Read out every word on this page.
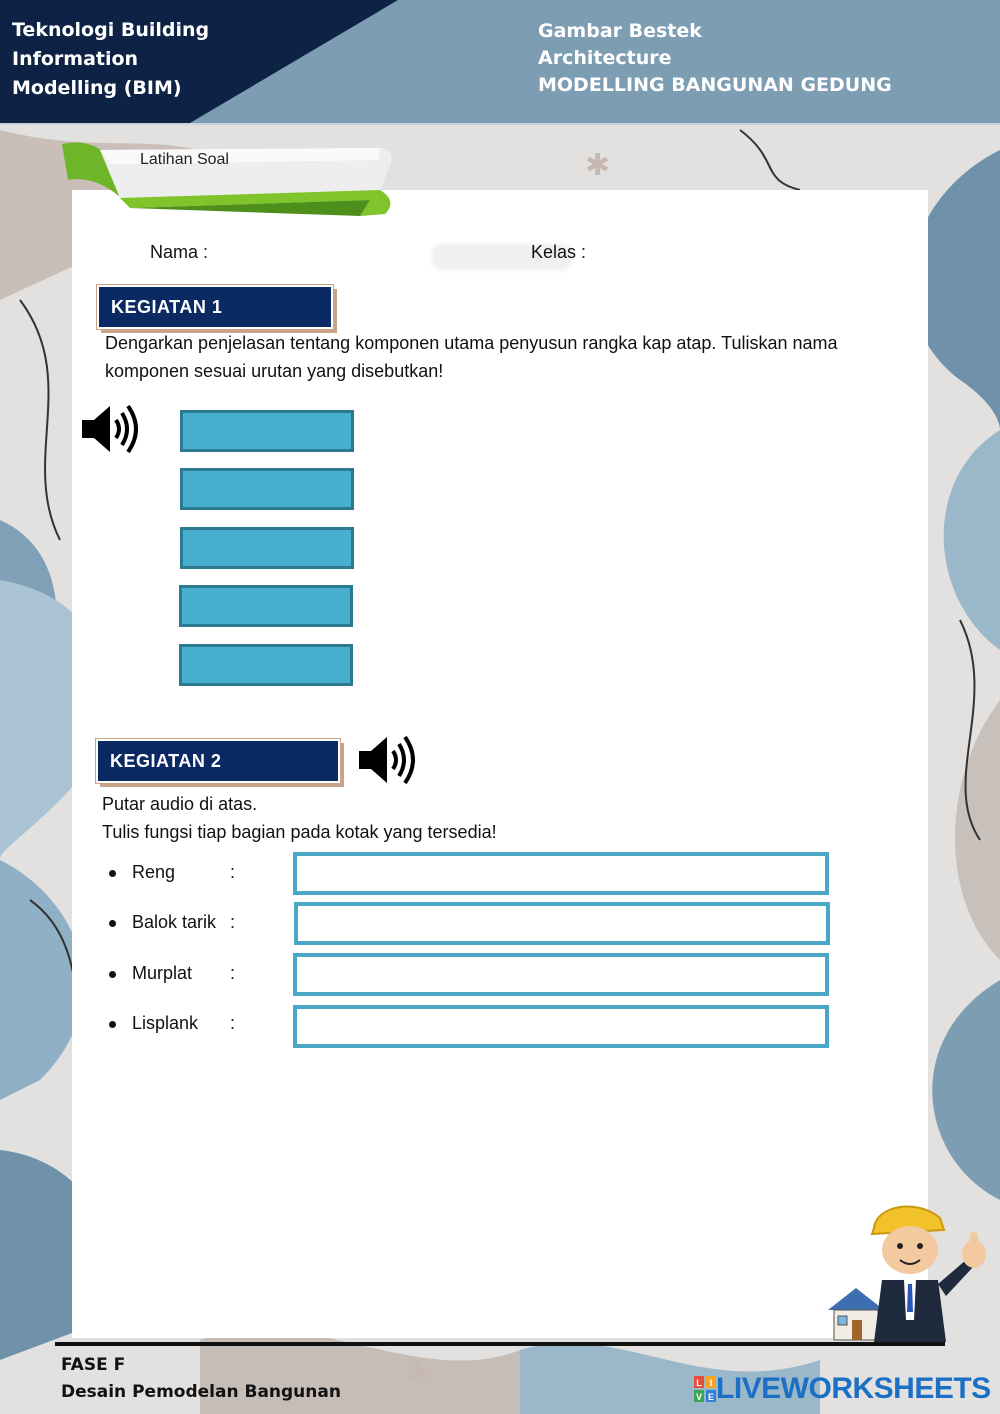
✱
✱
Teknologi Building
Information
Modelling (BIM)
Gambar Bestek
Architecture
MODELLING BANGUNAN GEDUNG
Latihan Soal
Nama :	Kelas :
KEGIATAN 1
Dengarkan penjelasan tentang komponen utama penyusun rangka kap atap. Tuliskan nama
komponen sesuai urutan yang disebutkan!
KEGIATAN 2
Putar audio di atas.
Tulis fungsi tiap bagian pada kotak yang tersedia!
Reng	:
Balok tarik :
Murplat :
Lisplank :
FASE F
Desain Pemodelan Bangunan	L I
V E LIVEWORKSHEETS
